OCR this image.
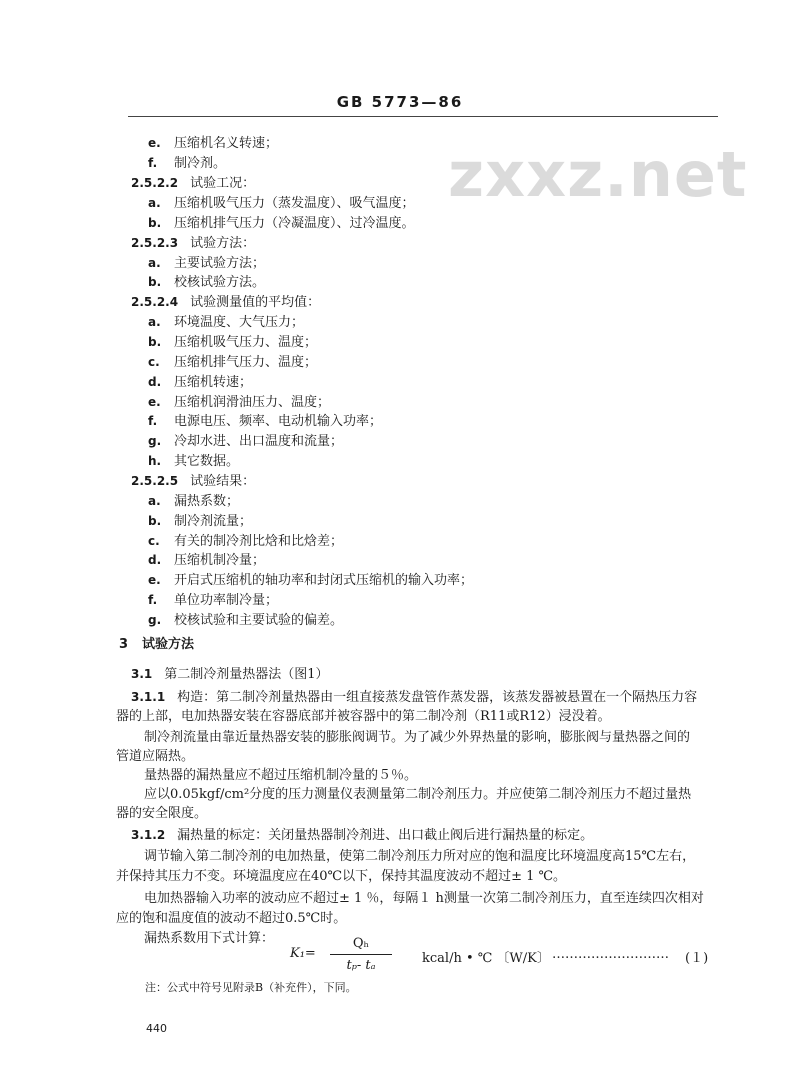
GB 5773—86
zxxz.net
e. 压缩机名义转速；
f. 制冷剂。
2.5.2.2 试验工况：
a. 压缩机吸气压力（蒸发温度）、吸气温度；
b. 压缩机排气压力（冷凝温度）、过冷温度。
2.5.2.3 试验方法：
a. 主要试验方法；
b. 校核试验方法。
2.5.2.4 试验测量值的平均值：
a. 环境温度、大气压力；
b. 压缩机吸气压力、温度；
c. 压缩机排气压力、温度；
d. 压缩机转速；
e. 压缩机润滑油压力、温度；
f. 电源电压、频率、电动机输入功率；
g. 冷却水进、出口温度和流量；
h. 其它数据。
2.5.2.5 试验结果：
a. 漏热系数；
b. 制冷剂流量；
c. 有关的制冷剂比焓和比焓差；
d. 压缩机制冷量；
e. 开启式压缩机的轴功率和封闭式压缩机的输入功率；
f. 单位功率制冷量；
g. 校核试验和主要试验的偏差。
3 试验方法
3.1 第二制冷剂量热器法（图1）
3.1.1 构造：第二制冷剂量热器由一组直接蒸发盘管作蒸发器，该蒸发器被悬置在一个隔热压力容
器的上部，电加热器安装在容器底部并被容器中的第二制冷剂（R11或R12）浸没着。
制冷剂流量由靠近量热器安装的膨胀阀调节。为了减少外界热量的影响，膨胀阀与量热器之间的
管道应隔热。
量热器的漏热量应不超过压缩机制冷量的５％。
应以0.05kgf/cm²分度的压力测量仪表测量第二制冷剂压力。并应使第二制冷剂压力不超过量热
器的安全限度。
3.1.2 漏热量的标定：关闭量热器制冷剂进、出口截止阀后进行漏热量的标定。
调节输入第二制冷剂的电加热量，使第二制冷剂压力所对应的饱和温度比环境温度高15℃左右，
并保持其压力不变。环境温度应在40℃以下，保持其温度波动不超过± 1 ℃。
电加热器输入功率的波动应不超过± 1 ％，每隔１ h测量一次第二制冷剂压力，直至连续四次相对
应的饱和温度值的波动不超过0.5℃时。
漏热系数用下式计算：
K₁=
Qₕ
tₚ- tₐ	kcal/h • ℃ 〔W/K〕 ……………………… (１)
注：公式中符号见附录B（补充件），下同。
440
